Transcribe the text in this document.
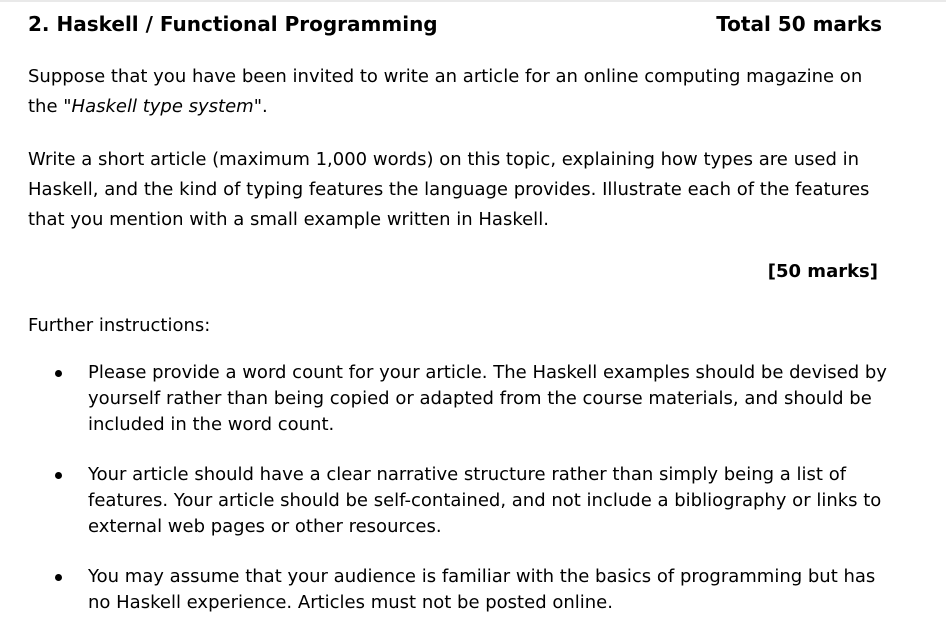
2. Haskell / Functional Programming	Total 50 marks

Suppose that you have been invited to write an article for an online computing magazine on the "Haskell type system".

Write a short article (maximum 1,000 words) on this topic, explaining how types are used in Haskell, and the kind of typing features the language provides. Illustrate each of the features that you mention with a small example written in Haskell.

[50 marks]
Further instructions:

Please provide a word count for your article. The Haskell examples should be devised by yourself rather than being copied or adapted from the course materials, and should be included in the word count.

Your article should have a clear narrative structure rather than simply being a list of features. Your article should be self-contained, and not include a bibliography or links to external web pages or other resources.

You may assume that your audience is familiar with the basics of programming but has no Haskell experience. Articles must not be posted online.
